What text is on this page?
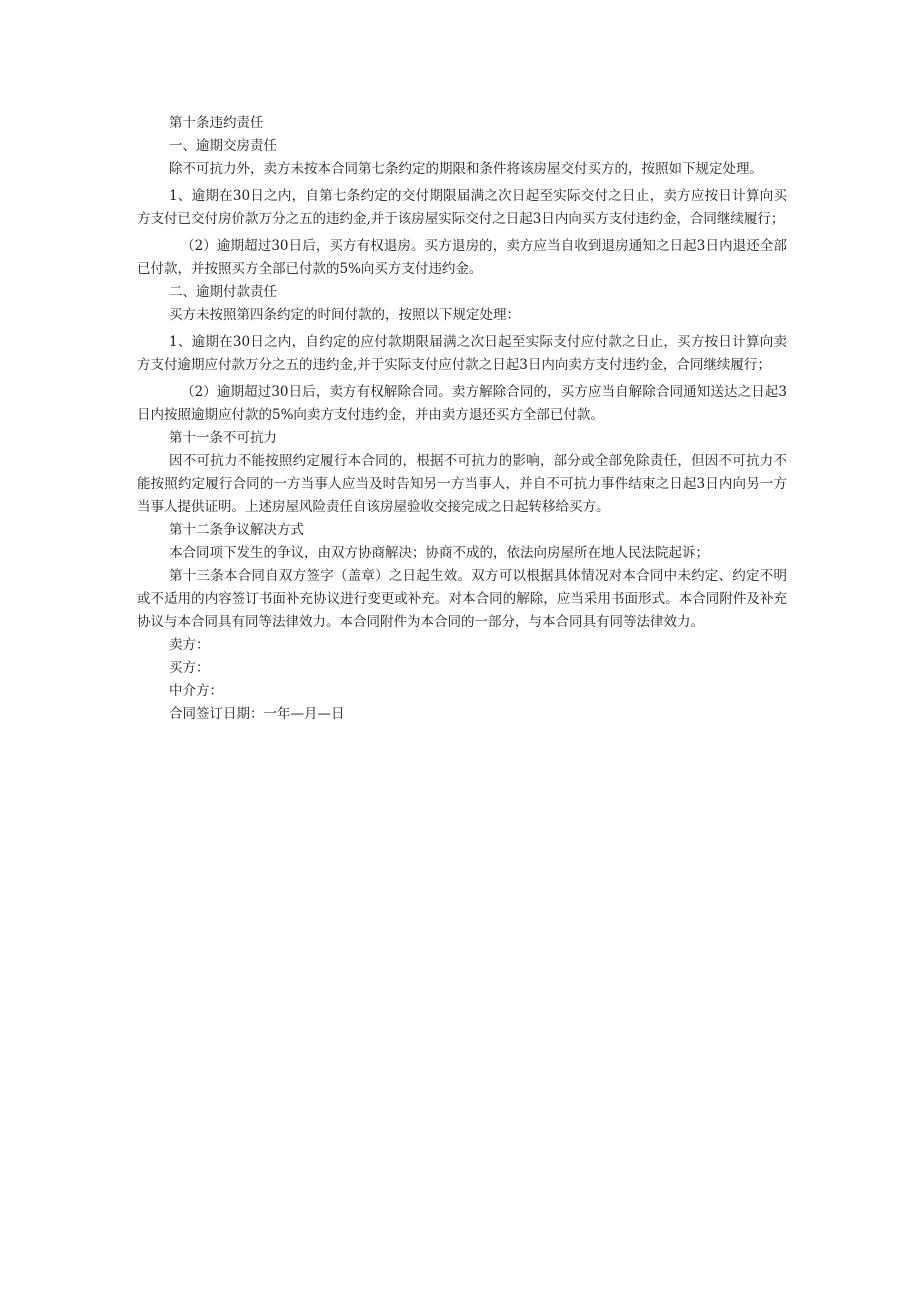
第十条违约责任

一、逾期交房责任

除不可抗力外，卖方未按本合同第七条约定的期限和条件将该房屋交付买方的，按照如下规定处理。

1、逾期在30日之内，自第七条约定的交付期限届满之次日起至实际交付之日止，卖方应按日计算向买方支付已交付房价款万分之五的违约金,并于该房屋实际交付之日起3日内向买方支付违约金，合同继续履行；

（2）逾期超过30日后，买方有权退房。买方退房的，卖方应当自收到退房通知之日起3日内退还全部已付款，并按照买方全部已付款的5%向买方支付违约金。

二、逾期付款责任

买方未按照第四条约定的时间付款的，按照以下规定处理：

1、逾期在30日之内，自约定的应付款期限届满之次日起至实际支付应付款之日止，买方按日计算向卖方支付逾期应付款万分之五的违约金,并于实际支付应付款之日起3日内向卖方支付违约金，合同继续履行；

（2）逾期超过30日后，卖方有权解除合同。卖方解除合同的，买方应当自解除合同通知送达之日起3日内按照逾期应付款的5%向卖方支付违约金，并由卖方退还买方全部已付款。

第十一条不可抗力

因不可抗力不能按照约定履行本合同的，根据不可抗力的影响，部分或全部免除责任，但因不可抗力不能按照约定履行合同的一方当事人应当及时告知另一方当事人，并自不可抗力事件结束之日起3日内向另一方当事人提供证明。上述房屋风险责任自该房屋验收交接完成之日起转移给买方。

第十二条争议解决方式

本合同项下发生的争议，由双方协商解决；协商不成的，依法向房屋所在地人民法院起诉；

第十三条本合同自双方签字（盖章）之日起生效。双方可以根据具体情况对本合同中未约定、约定不明或不适用的内容签订书面补充协议进行变更或补充。对本合同的解除，应当采用书面形式。本合同附件及补充协议与本合同具有同等法律效力。本合同附件为本合同的一部分，与本合同具有同等法律效力。

卖方：

买方：

中介方：

合同签订日期：一年—月—日
